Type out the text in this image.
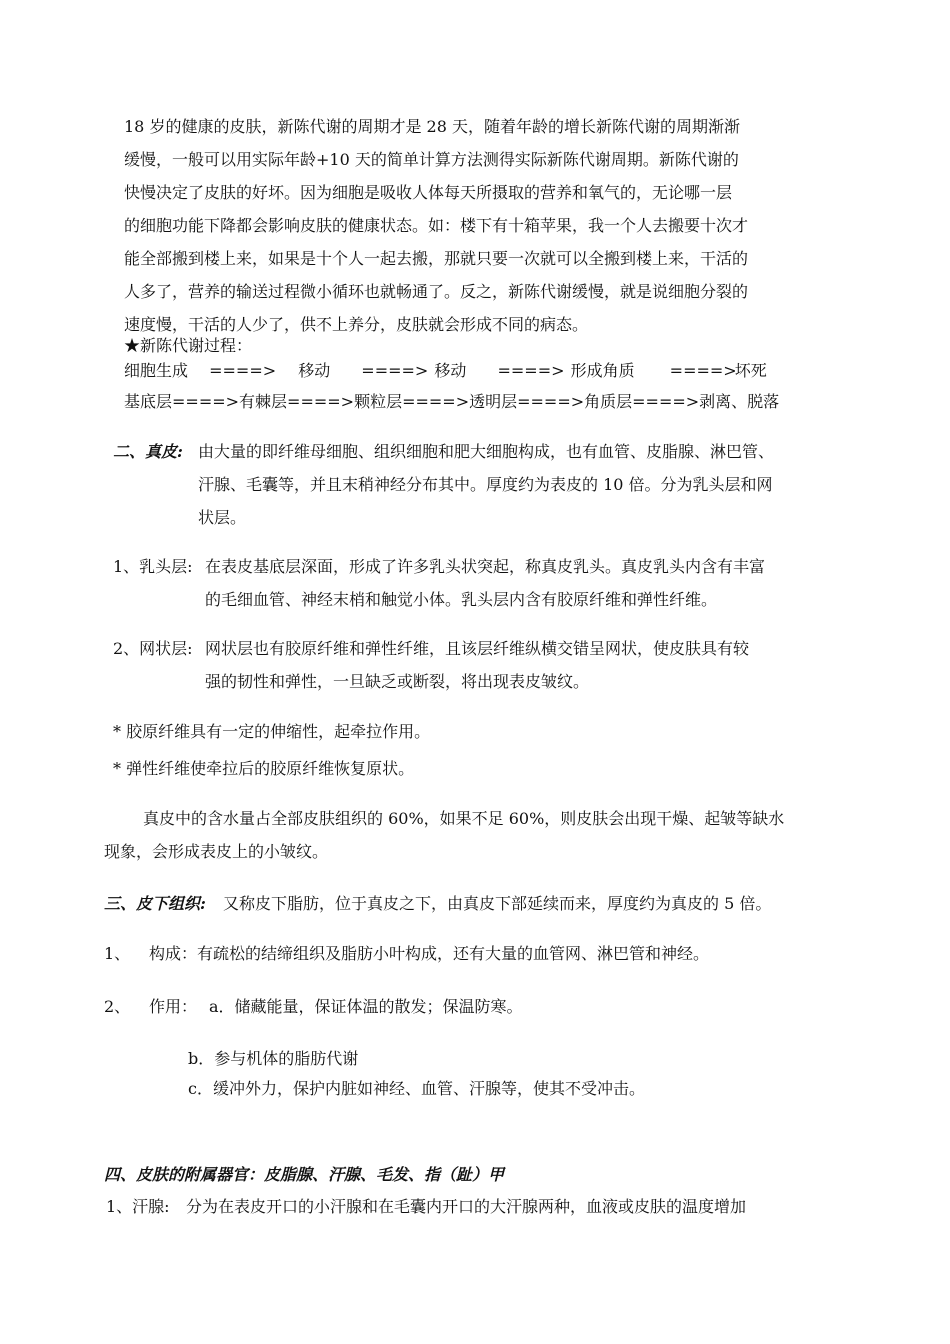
18 岁的健康的皮肤，新陈代谢的周期才是 28 天，随着年龄的增长新陈代谢的周期渐渐
缓慢，一般可以用实际年龄+10 天的简单计算方法测得实际新陈代谢周期。新陈代谢的
快慢决定了皮肤的好坏。因为细胞是吸收人体每天所摄取的营养和氧气的，无论哪一层
的细胞功能下降都会影响皮肤的健康状态。如：楼下有十箱苹果，我一个人去搬要十次才
能全部搬到楼上来，如果是十个人一起去搬，那就只要一次就可以全搬到楼上来，干活的
人多了，营养的输送过程微小循环也就畅通了。反之，新陈代谢缓慢，就是说细胞分裂的
速度慢，干活的人少了，供不上养分，皮肤就会形成不同的病态。
★新陈代谢过程：
细胞生成 ====> 移动 ====> 移动 ====> 形成角质 ====> 坏死
基底层====>有棘层====>颗粒层====>透明层====>角质层====>剥离、脱落
二、真皮: 由大量的即纤维母细胞、组织细胞和肥大细胞构成，也有血管、皮脂腺、淋巴管、
汗腺、毛囊等，并且末稍神经分布其中。厚度约为表皮的 10 倍。分为乳头层和网
状层。
1、乳头层: 在表皮基底层深面，形成了许多乳头状突起，称真皮乳头。真皮乳头内含有丰富
的毛细血管、神经末梢和触觉小体。乳头层内含有胶原纤维和弹性纤维。
2、网状层: 网状层也有胶原纤维和弹性纤维，且该层纤维纵横交错呈网状，使皮肤具有较
强的韧性和弹性，一旦缺乏或断裂，将出现表皮皱纹。
* 胶原纤维具有一定的伸缩性，起牵拉作用。
* 弹性纤维使牵拉后的胶原纤维恢复原状。
真皮中的含水量占全部皮肤组织的 60%，如果不足 60%，则皮肤会出现干燥、起皱等缺水
现象，会形成表皮上的小皱纹。
三、皮下组织: 又称皮下脂肪，位于真皮之下，由真皮下部延续而来，厚度约为真皮的 5 倍。
1、 构成：有疏松的结缔组织及脂肪小叶构成，还有大量的血管网、淋巴管和神经。
2、 作用： a．储藏能量，保证体温的散发；保温防寒。
b．参与机体的脂肪代谢
c．缓冲外力，保护内脏如神经、血管、汗腺等，使其不受冲击。
四、皮肤的附属器官：皮脂腺、汗腺、毛发、指（趾）甲
1、汗腺: 分为在表皮开口的小汗腺和在毛囊内开口的大汗腺两种，血液或皮肤的温度增加
